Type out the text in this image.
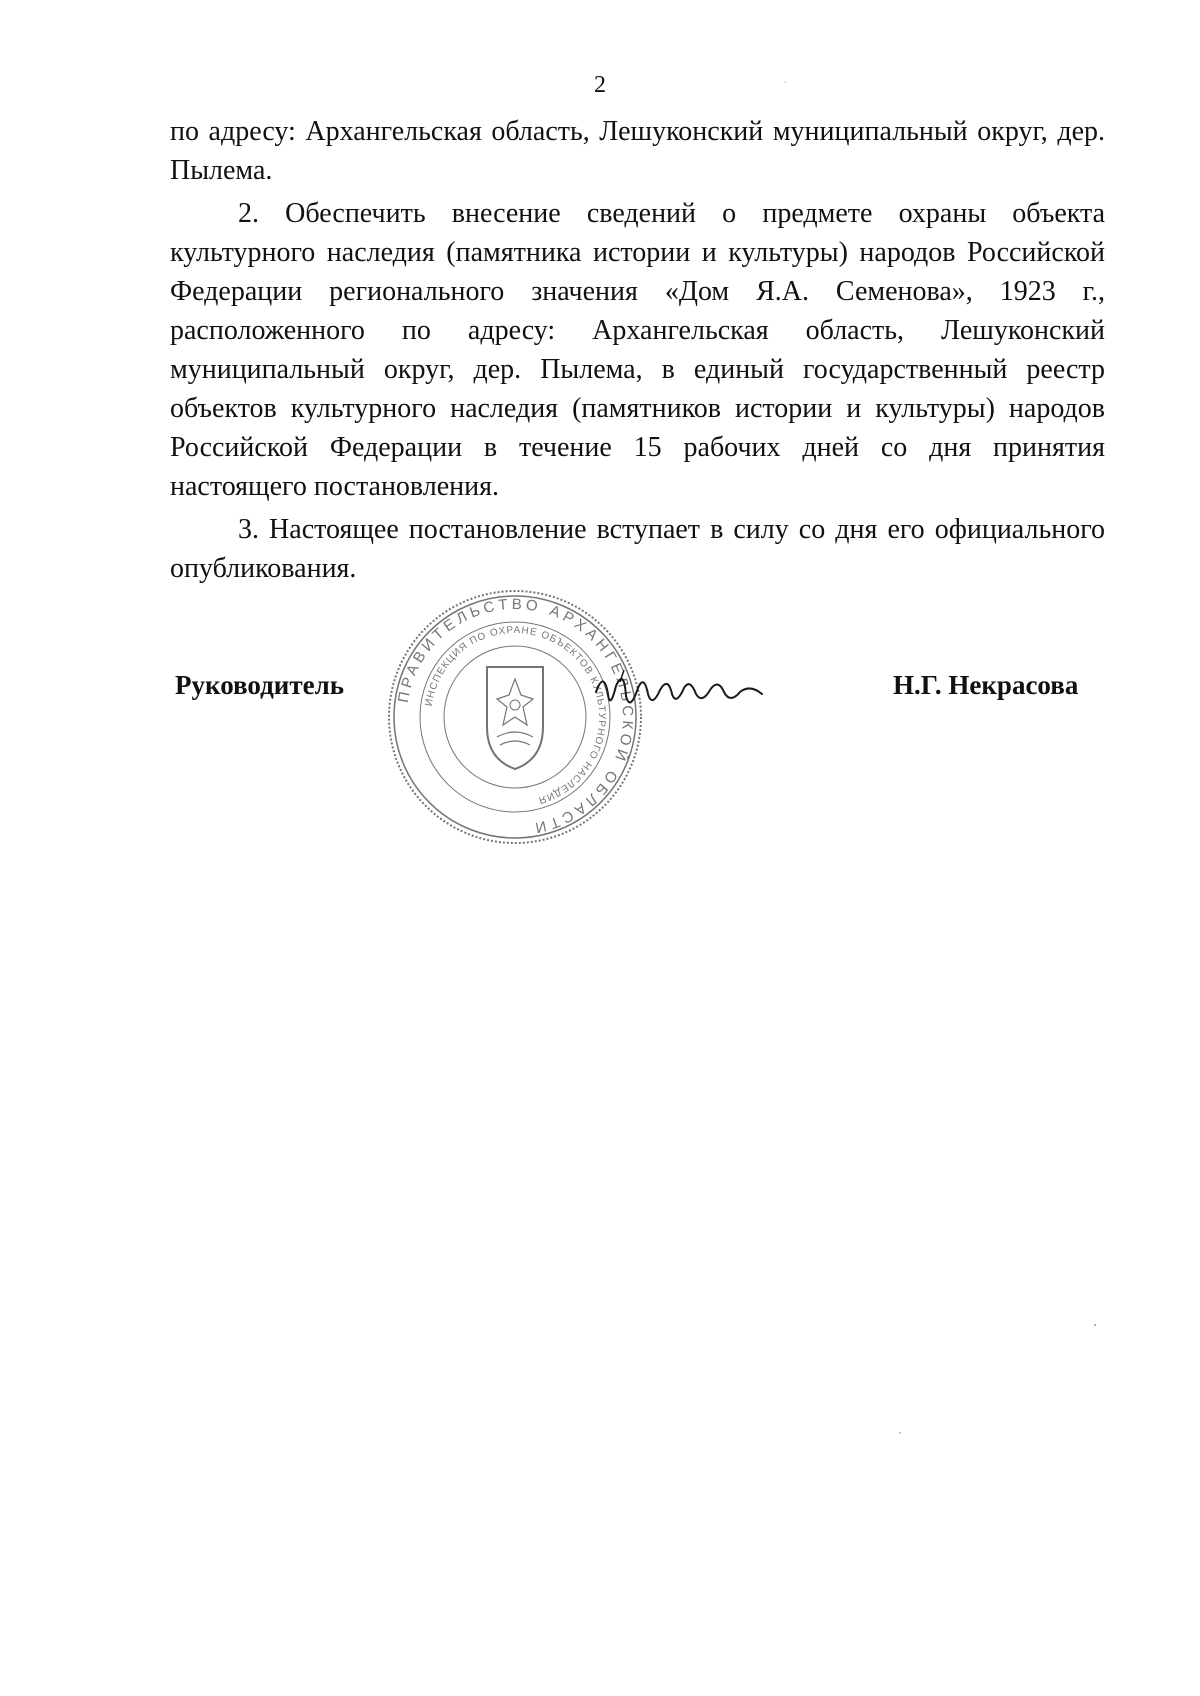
2

по адресу: Архангельская область, Лешуконский муниципальный округ, дер. Пылема.

2. Обеспечить внесение сведений о предмете охраны объекта культурного наследия (памятника истории и культуры) народов Российской Федерации регионального значения «Дом Я.А. Семенова», 1923 г., расположенного по адресу: Архангельская область, Лешуконский муниципальный округ, дер. Пылема, в единый государственный реестр объектов культурного наследия (памятников истории и культуры) народов Российской Федерации в течение 15 рабочих дней со дня принятия настоящего постановления.

3. Настоящее постановление вступает в силу со дня его официального опубликования.

Руководитель	ПРАВИТЕЛЬСТВО АРХАНГЕЛЬСКОЙ ОБЛАСТИ
ИНСПЕКЦИЯ ПО ОХРАНЕ ОБЪЕКТОВ КУЛЬТУРНОГО НАСЛЕДИЯ
Н.Г. Некрасова
